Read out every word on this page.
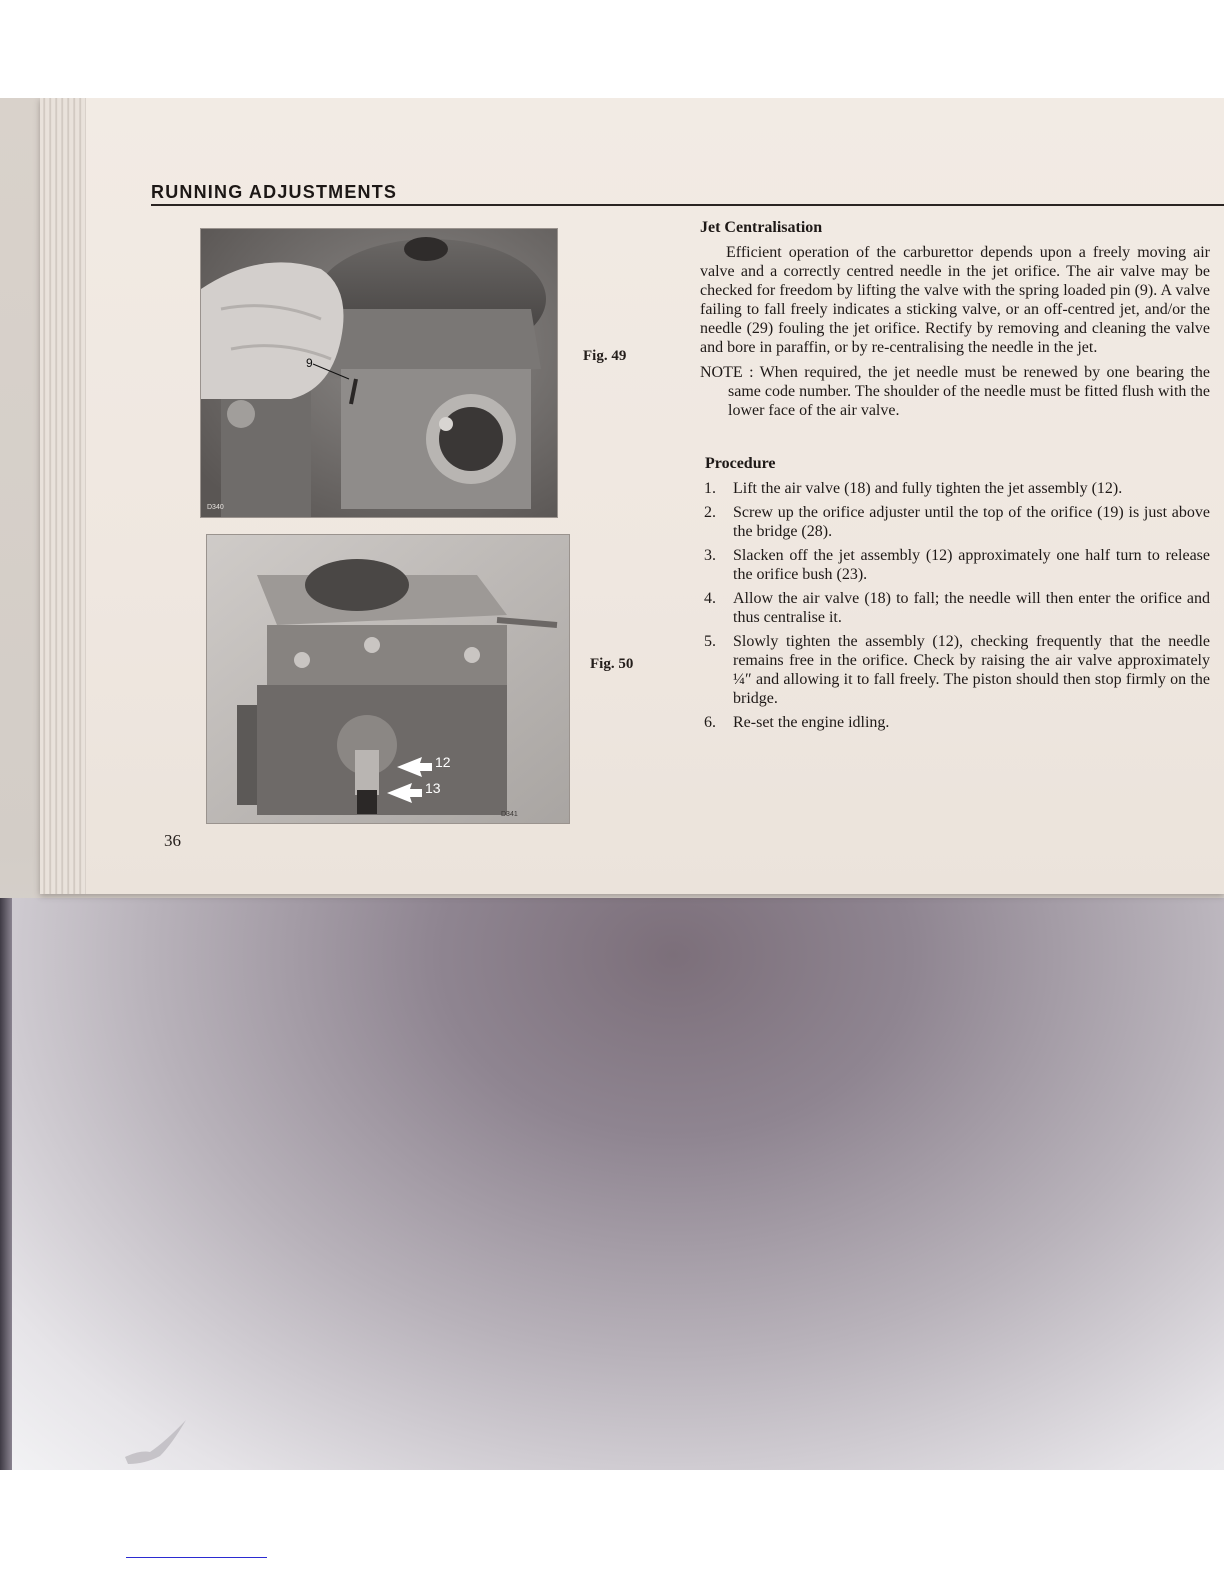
RUNNING ADJUSTMENTS
9
D340
Fig. 49
12
13
D341
Fig. 50
Jet Centralisation

Efficient operation of the carburettor depends upon a freely moving air valve and a correctly centred needle in the jet orifice. The air valve may be checked for freedom by lifting the valve with the spring loaded pin (9). A valve failing to fall freely indicates a sticking valve, or an off-centred jet, and/or the needle (29) fouling the jet orifice. Rectify by removing and cleaning the valve and bore in paraffin, or by re-centralising the needle in the jet.

NOTE : When required, the jet needle must be renewed by one bearing the same code number. The shoulder of the needle must be fitted flush with the lower face of the air valve.

Procedure
1. Lift the air valve (18) and fully tighten the jet assembly (12).
2. Screw up the orifice adjuster until the top of the orifice (19) is just above the bridge (28).
3. Slacken off the jet assembly (12) approximately one half turn to release the orifice bush (23).
4. Allow the air valve (18) to fall; the needle will then enter the orifice and thus centralise it.
5. Slowly tighten the assembly (12), checking frequently that the needle remains free in the orifice. Check by raising the air valve approximately ¼″ and allowing it to fall freely. The piston should then stop firmly on the bridge.
6. Re-set the engine idling.
36
